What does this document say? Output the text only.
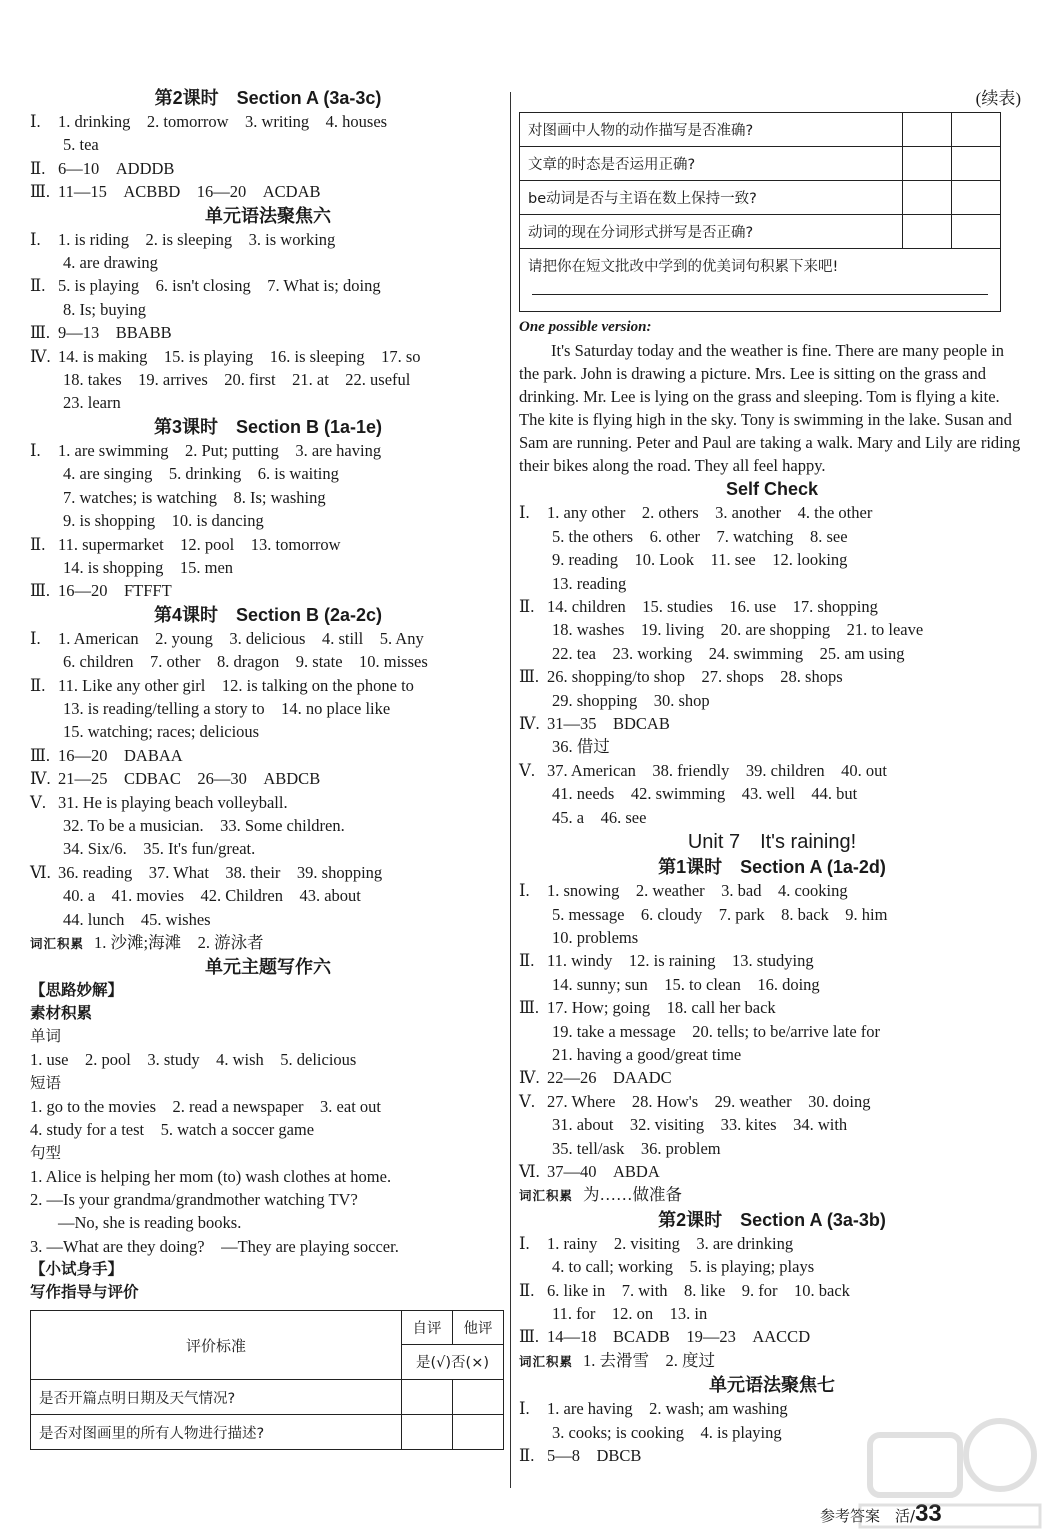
第2课时　Section A (3a-3c)
Ⅰ. 1. drinking　2. tomorrow　3. writing　4. houses
5. tea
Ⅱ. 6—10　ADDDB
Ⅲ. 11—15　ACBBD　16—20　ACDAB
单元语法聚焦六
Ⅰ. 1. is riding　2. is sleeping　3. is working
4. are drawing
Ⅱ. 5. is playing　6. isn't closing　7. What is; doing
8. Is; buying
Ⅲ. 9—13　BBABB
Ⅳ. 14. is making　15. is playing　16. is sleeping　17. so
18. takes　19. arrives　20. first　21. at　22. useful
23. learn
第3课时　Section B (1a-1e)
Ⅰ. 1. are swimming　2. Put; putting　3. are having
4. are singing　5. drinking　6. is waiting
7. watches; is watching　8. Is; washing
9. is shopping　10. is dancing
Ⅱ. 11. supermarket　12. pool　13. tomorrow
14. is shopping　15. men
Ⅲ. 16—20　FTFFT
第4课时　Section B (2a-2c)
Ⅰ. 1. American　2. young　3. delicious　4. still　5. Any
6. children　7. other　8. dragon　9. state　10. misses
Ⅱ. 11. Like any other girl　12. is talking on the phone to
13. is reading/telling a story to　14. no place like
15. watching; races; delicious
Ⅲ. 16—20　DABAA
Ⅳ. 21—25　CDBAC　26—30　ABDCB
Ⅴ. 31. He is playing beach volleyball.
32. To be a musician.　33. Some children.
34. Six/6.　35. It's fun/great.
Ⅵ. 36. reading　37. What　38. their　39. shopping
40. a　41. movies　42. Children　43. about
44. lunch　45. wishes
词汇积累 1. 沙滩;海滩　2. 游泳者
单元主题写作六
【思路妙解】
素材积累
单词
1. use　2. pool　3. study　4. wish　5. delicious
短语
1. go to the movies　2. read a newspaper　3. eat out
4. study for a test　5. watch a soccer game
句型
1. Alice is helping her mom (to) wash clothes at home.
2. —Is your grandma/grandmother watching TV?
—No, she is reading books.
3. —What are they doing?　—They are playing soccer.
【小试身手】
写作指导与评价
评价标准	自评	他评
	是(√)否(×)	
是否开篇点明日期及天气情况?		
是否对图画里的所有人物进行描述?		
(续表)
对图画中人物的动作描写是否准确?		
文章的时态是否运用正确?		
be动词是否与主语在数上保持一致?		
动词的现在分词形式拼写是否正确?		
请把你在短文批改中学到的优美词句积累下来吧!		
One possible version:
It's Saturday today and the weather is fine. There are many people in the park. John is drawing a picture. Mrs. Lee is sitting on the grass and drinking. Mr. Lee is lying on the grass and sleeping. Tom is flying a kite. The kite is flying high in the sky. Tony is swimming in the lake. Susan and Sam are running. Peter and Paul are taking a walk. Mary and Lily are riding their bikes along the road. They all feel happy.
Self Check
Ⅰ. 1. any other　2. others　3. another　4. the other
5. the others　6. other　7. watching　8. see
9. reading　10. Look　11. see　12. looking
13. reading
Ⅱ. 14. children　15. studies　16. use　17. shopping
18. washes　19. living　20. are shopping　21. to leave
22. tea　23. working　24. swimming　25. am using
Ⅲ. 26. shopping/to shop　27. shops　28. shops
29. shopping　30. shop
Ⅳ. 31—35　BDCAB
36. 借过
Ⅴ. 37. American　38. friendly　39. children　40. out
41. needs　42. swimming　43. well　44. but
45. a　46. see
Unit 7　It's raining!
第1课时　Section A (1a-2d)
Ⅰ. 1. snowing　2. weather　3. bad　4. cooking
5. message　6. cloudy　7. park　8. back　9. him
10. problems
Ⅱ. 11. windy　12. is raining　13. studying
14. sunny; sun　15. to clean　16. doing
Ⅲ. 17. How; going　18. call her back
19. take a message　20. tells; to be/arrive late for
21. having a good/great time
Ⅳ. 22—26　DAADC
Ⅴ. 27. Where　28. How's　29. weather　30. doing
31. about　32. visiting　33. kites　34. with
35. tell/ask　36. problem
Ⅵ. 37—40　ABDA
词汇积累 为……做准备
第2课时　Section A (3a-3b)
Ⅰ. 1. rainy　2. visiting　3. are drinking
4. to call; working　5. is playing; plays
Ⅱ. 6. like in　7. with　8. like　9. for　10. back
11. for　12. on　13. in
Ⅲ. 14—18　BCADB　19—23　AACCD
词汇积累 1. 去滑雪　2. 度过
单元语法聚焦七
Ⅰ. 1. are having　2. wash; am washing
3. cooks; is cooking　4. is playing
Ⅱ. 5—8　DBCB
参考答案　活/33
